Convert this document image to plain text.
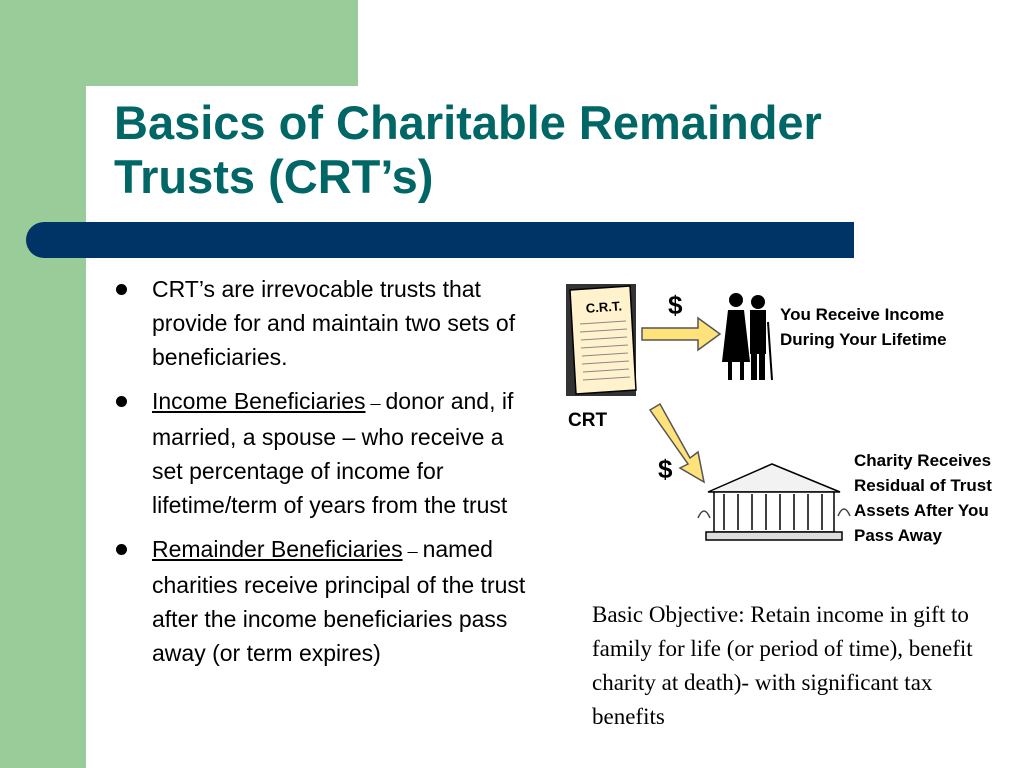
Basics of Charitable Remainder
Trusts (CRT’s)
CRT’s are irrevocable trusts that provide for and maintain two sets of beneficiaries.
Income Beneficiaries – donor and, if married, a spouse – who receive a set percentage of income for lifetime/term of years from the trust
Remainder Beneficiaries – named charities receive principal of the trust after the income beneficiaries pass away (or term expires)
C.R.T.
CRT
$	You Receive Income
During Your Lifetime
$	Charity Receives
Residual of Trust
Assets After You
Pass Away

Basic Objective: Retain income in gift to family for life (or period of time), benefit charity at death)- with significant tax benefits
